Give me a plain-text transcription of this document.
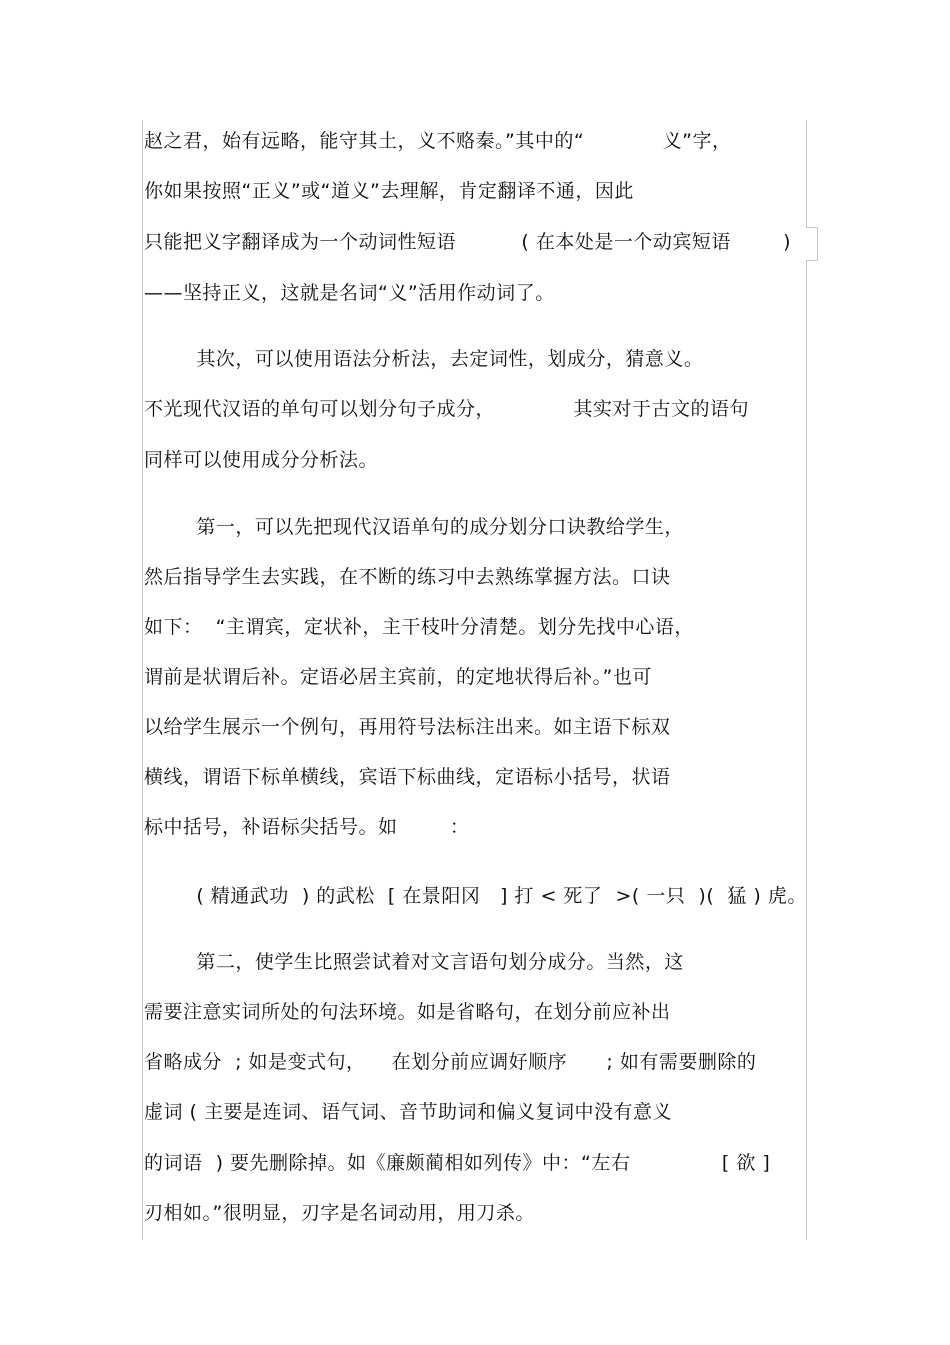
赵之君，始有远略，能守其土，义不赂秦。”其中的“            义”字，
你如果按照“正义”或“道义”去理解，肯定翻译不通，因此
只能把义字翻译成为一个动词性短语          ( 在本处是一个动宾短语        )
——坚持正义，这就是名词“义”活用作动词了。
其次，可以使用语法分析法，去定词性，划成分，猜意义。
不光现代汉语的单句可以划分句子成分，            其实对于古文的语句
同样可以使用成分分析法。
第一，可以先把现代汉语单句的成分划分口诀教给学生，
然后指导学生去实践，在不断的练习中去熟练掌握方法。口诀
如下：  “主谓宾，定状补，主干枝叶分清楚。划分先找中心语，
谓前是状谓后补。定语必居主宾前，的定地状得后补。”也可
以给学生展示一个例句，再用符号法标注出来。如主语下标双
横线，谓语下标单横线，宾语下标曲线，定语标小括号，状语
标中括号，补语标尖括号。如        ：
( 精通武功  ) 的武松  [ 在景阳冈   ] 打 < 死了  >( 一只  )(  猛 ) 虎。
第二，使学生比照尝试着对文言语句划分成分。当然，这
需要注意实词所处的句法环境。如是省略句，在划分前应补出
省略成分  ; 如是变式句，    在划分前应调好顺序      ; 如有需要删除的
虚词 ( 主要是连词、语气词、音节助词和偏义复词中没有意义
的词语  ) 要先删除掉。如《廉颇蔺相如列传》中：“左右              [ 欲 ]
刃相如。”很明显，刃字是名词动用，用刀杀。
